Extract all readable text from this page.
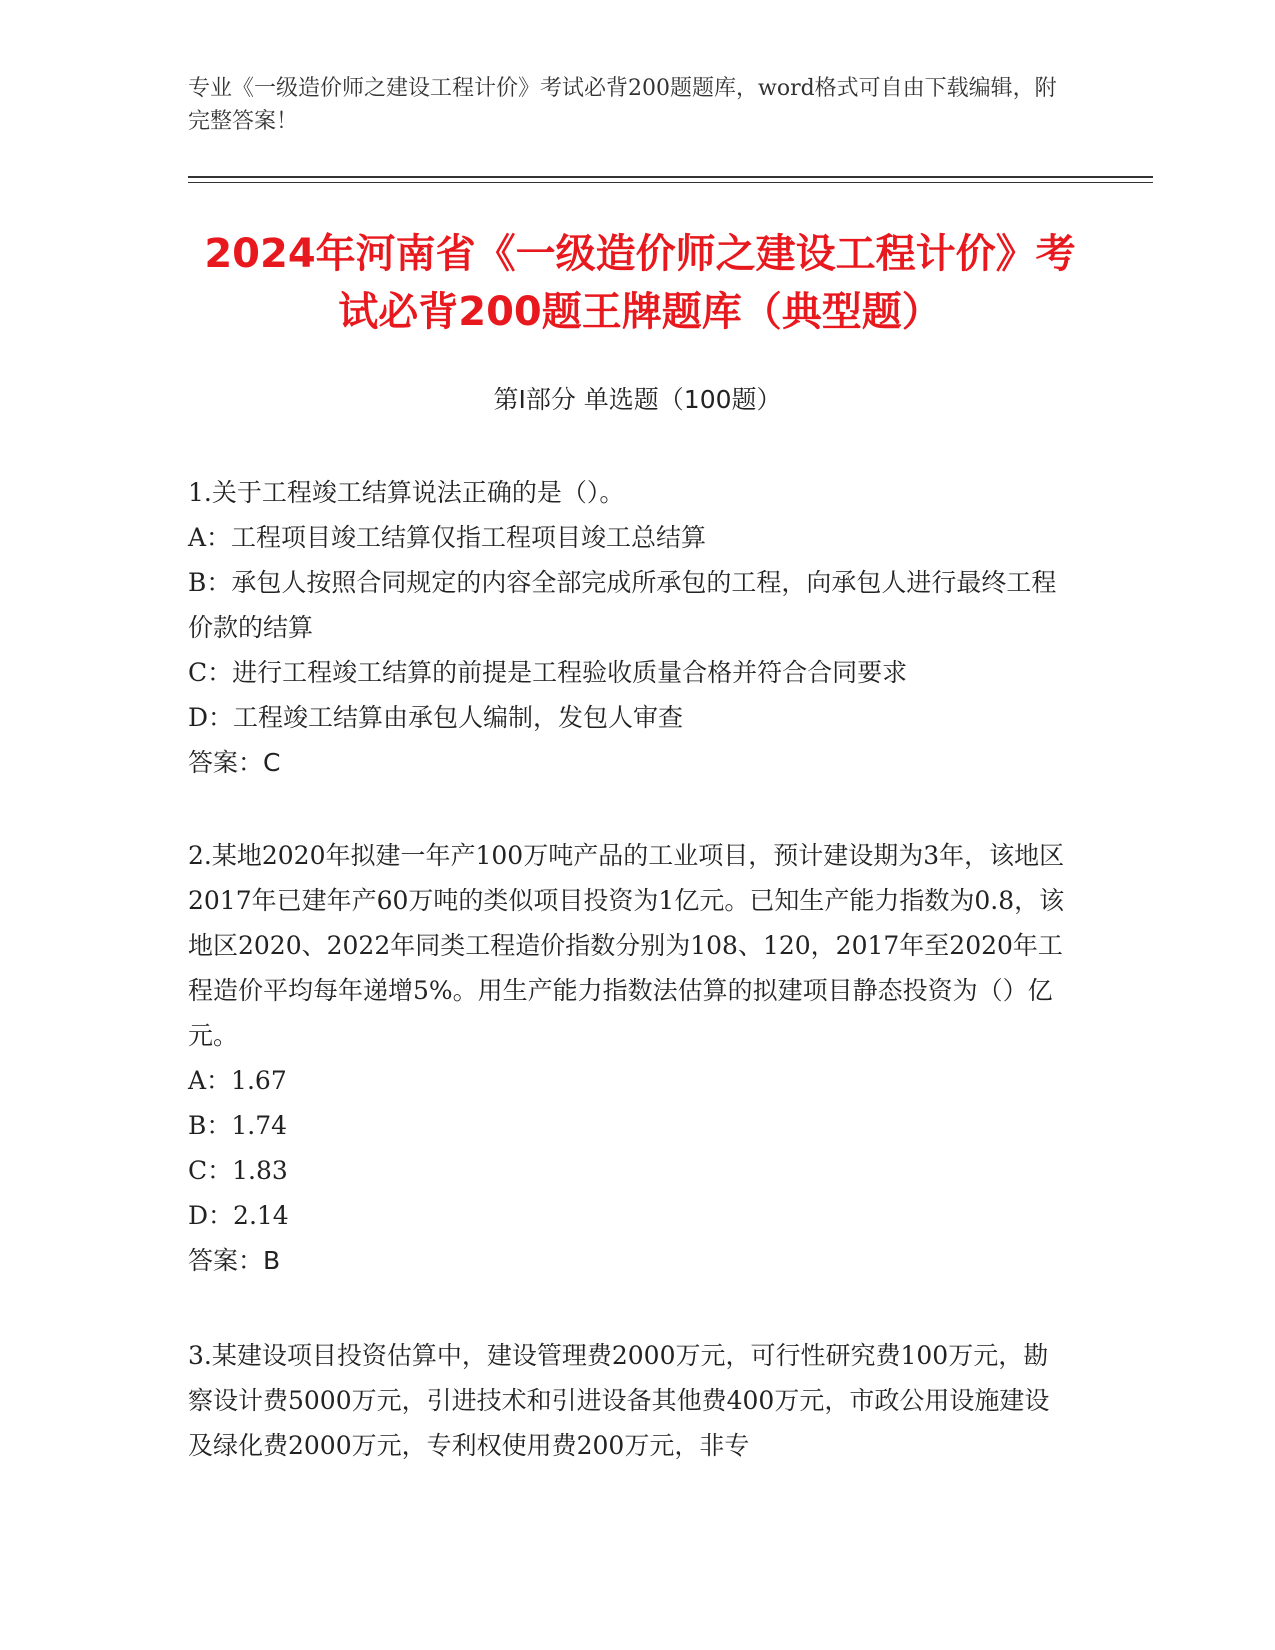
专业《一级造价师之建设工程计价》考试必背200题题库，word格式可自由下载编辑，附完整答案！
2024年河南省《一级造价师之建设工程计价》考试必背200题王牌题库（典型题）
第I部分 单选题（100题）

1.关于工程竣工结算说法正确的是（）。

A：工程项目竣工结算仅指工程项目竣工总结算

B：承包人按照合同规定的内容全部完成所承包的工程，向承包人进行最终工程价款的结算

C：进行工程竣工结算的前提是工程验收质量合格并符合合同要求

D：工程竣工结算由承包人编制，发包人审查

答案：C

2.某地2020年拟建一年产100万吨产品的工业项目，预计建设期为3年，该地区2017年已建年产60万吨的类似项目投资为1亿元。已知生产能力指数为0.8，该地区2020、2022年同类工程造价指数分别为108、120，2017年至2020年工程造价平均每年递增5%。用生产能力指数法估算的拟建项目静态投资为（）亿元。

A：1.67

B：1.74

C：1.83

D：2.14

答案：B

3.某建设项目投资估算中，建设管理费2000万元，可行性研究费100万元，勘察设计费5000万元，引进技术和引进设备其他费400万元，市政公用设施建设及绿化费2000万元，专利权使用费200万元，非专
